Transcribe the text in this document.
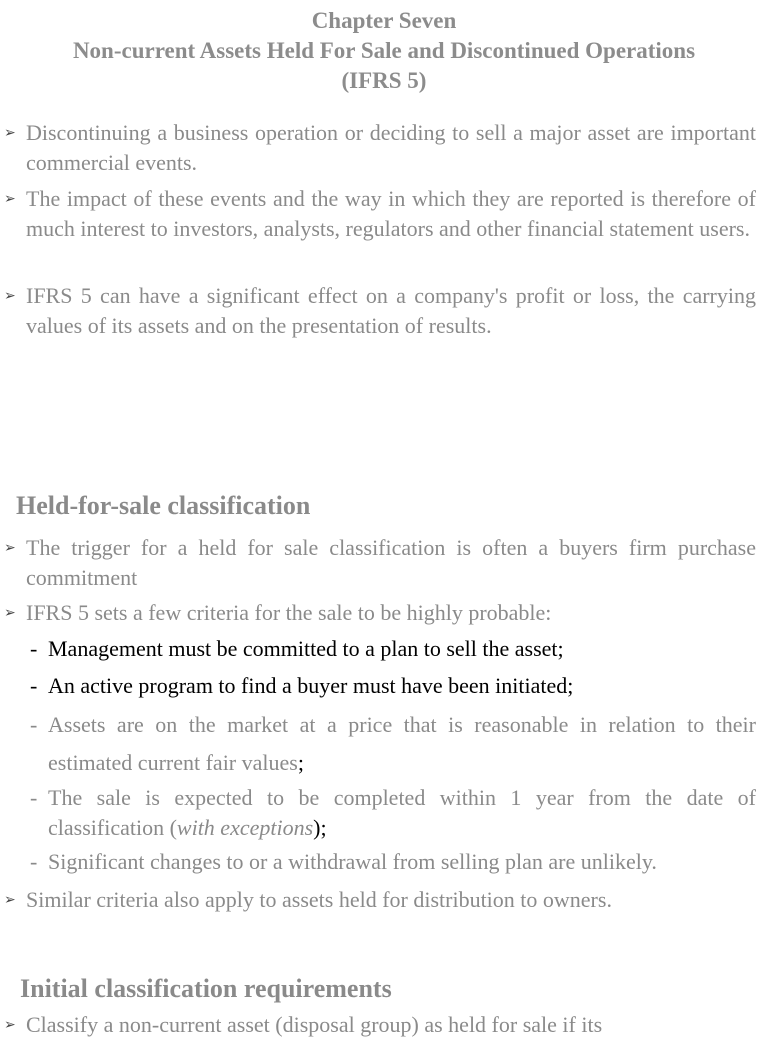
Chapter Seven
Non-current Assets Held For Sale and Discontinued Operations
(IFRS 5)
➢ Discontinuing a business operation or deciding to sell a major asset are important commercial events.
➢ The impact of these events and the way in which they are reported is therefore of much interest to investors, analysts, regulators and other financial statement users.
➢ IFRS 5 can have a significant effect on a company's profit or loss, the carrying values of its assets and on the presentation of results.
Held-for-sale classification
➢ The trigger for a held for sale classification is often a buyers firm purchase commitment
➢ IFRS 5 sets a few criteria for the sale to be highly probable:
- Management must be committed to a plan to sell the asset;
- An active program to find a buyer must have been initiated;
- Assets are on the market at a price that is reasonable in relation to their estimated current fair values;
- The sale is expected to be completed within 1 year from the date of classification (with exceptions);
- Significant changes to or a withdrawal from selling plan are unlikely.
➢ Similar criteria also apply to assets held for distribution to owners.
Initial classification requirements
➢ Classify a non-current asset (disposal group) as held for sale if its
